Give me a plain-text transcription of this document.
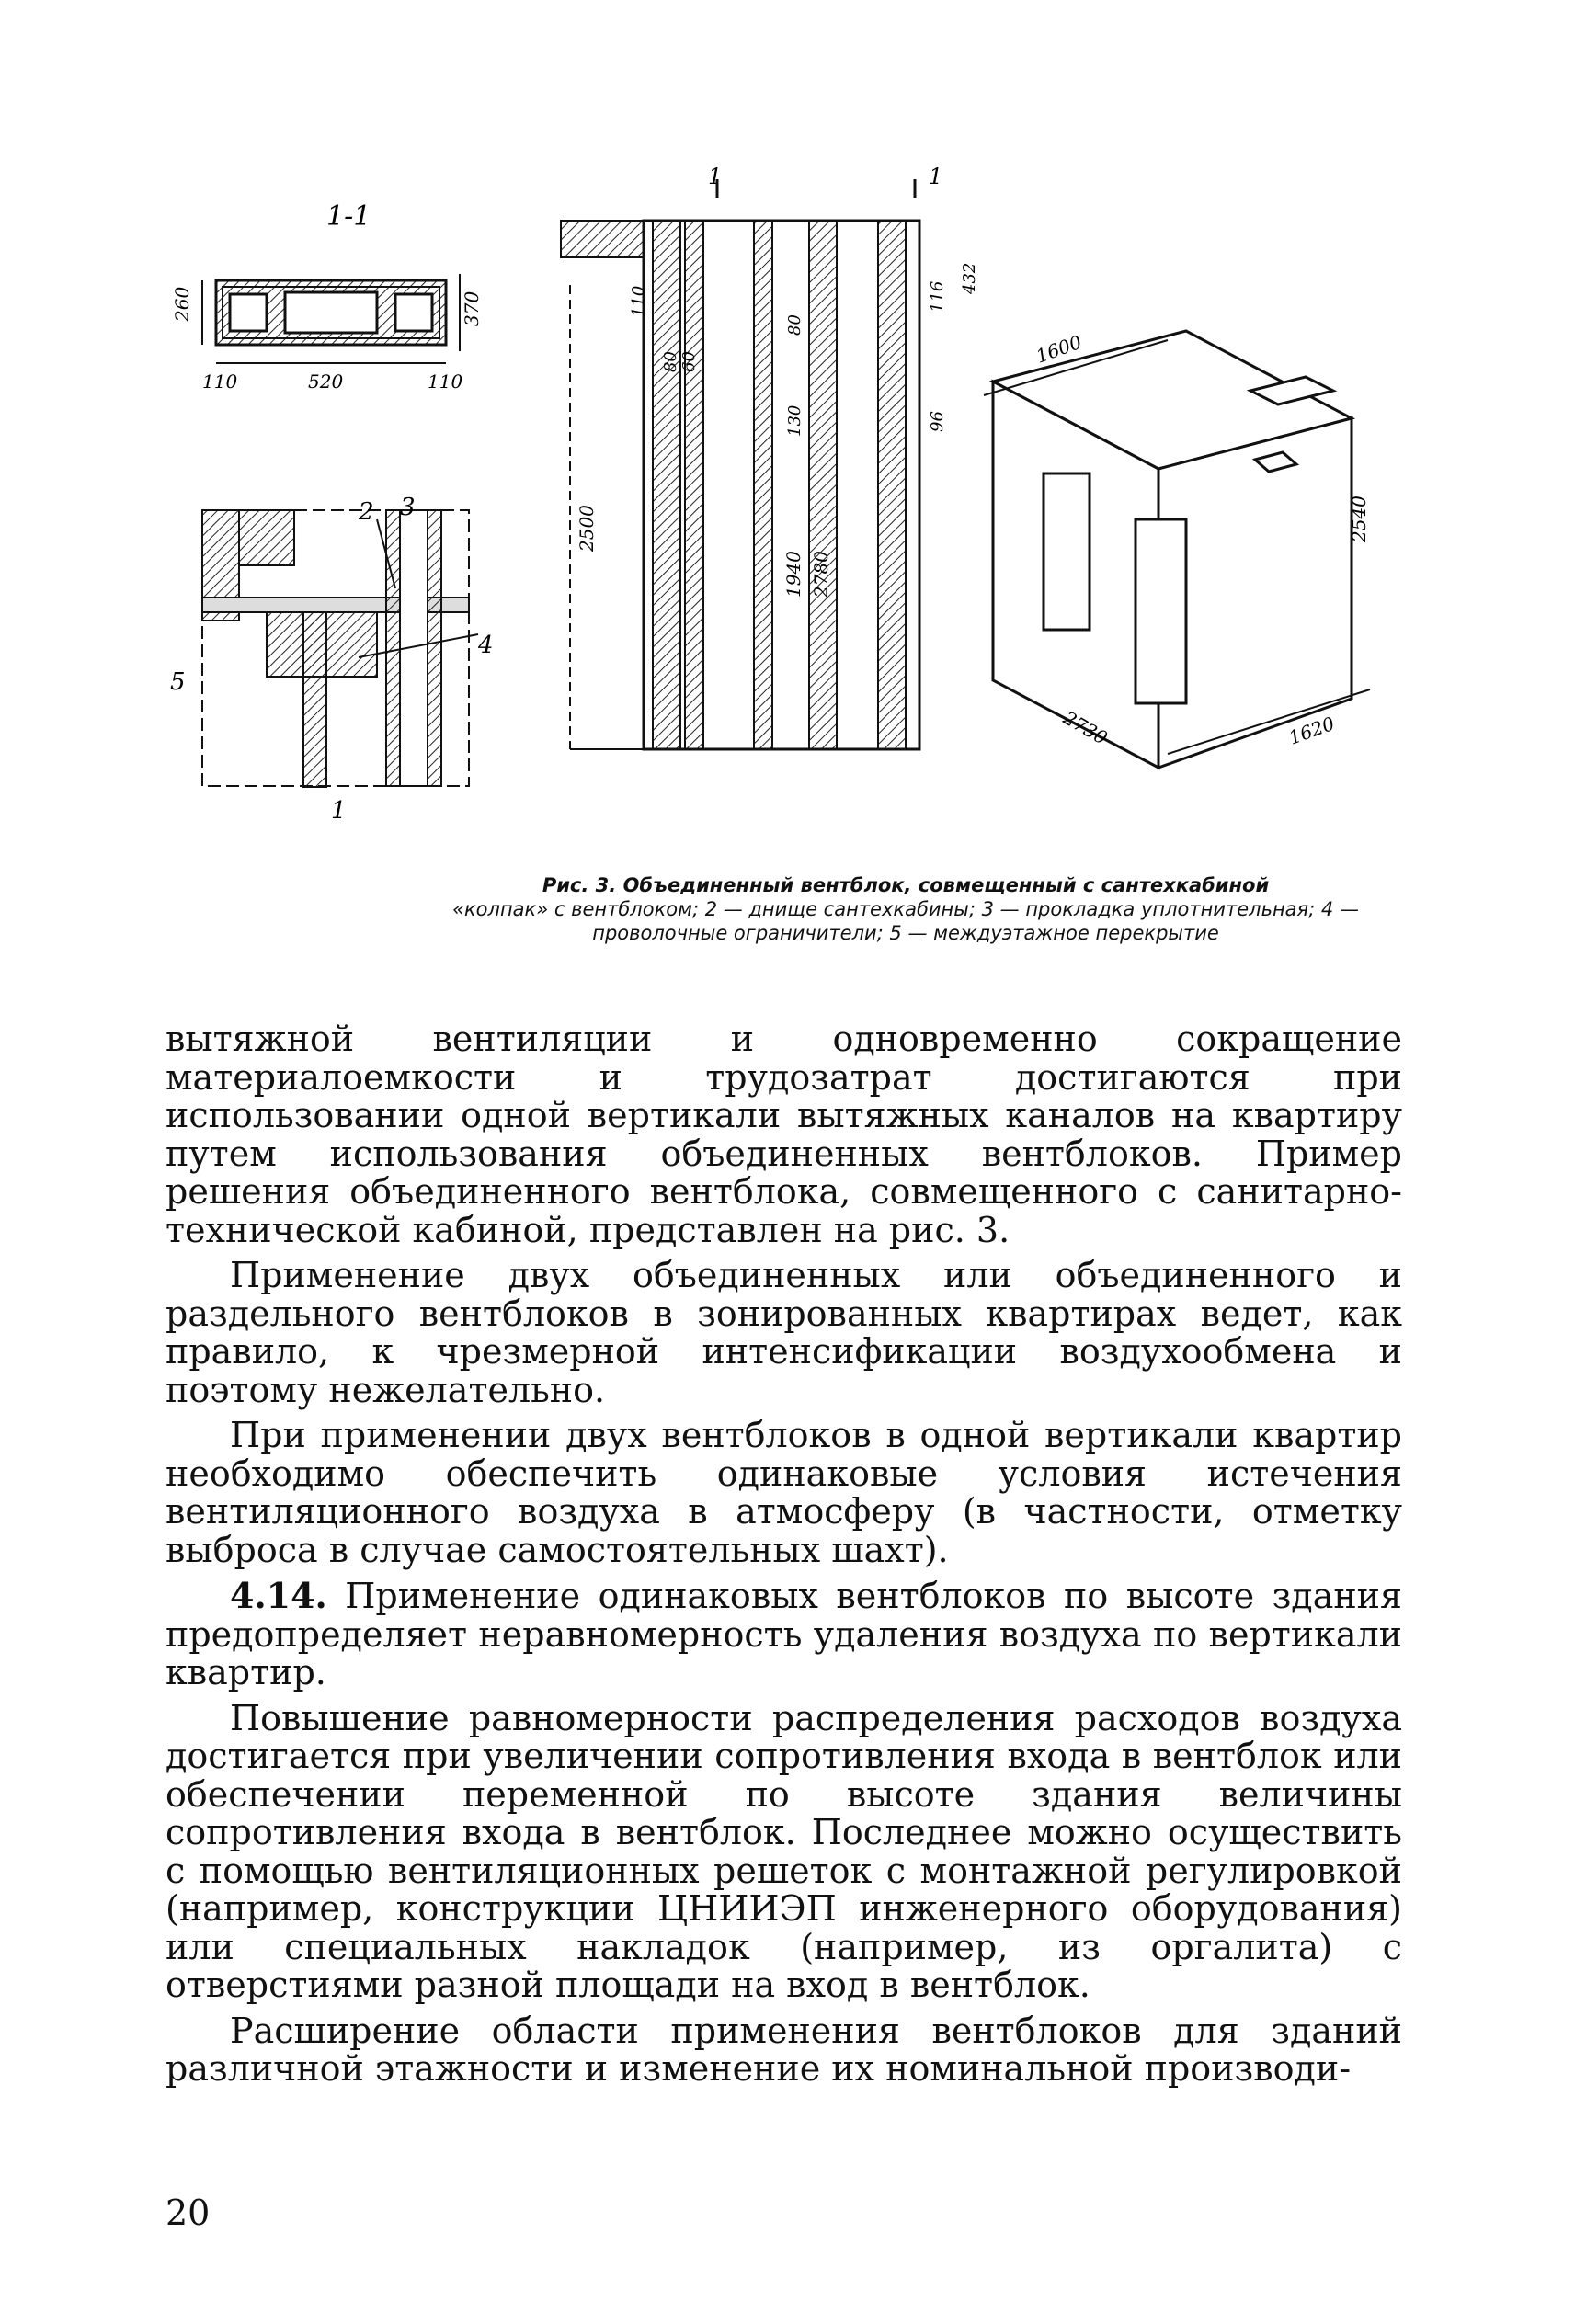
1-1
260	370
110	520	110
1
2 3
4
5
1	1
110
80 60
80
116
432
96
130
2500
1940 2780
1600
2540
2730	1620
Рис. 3. Объединенный вентблок, совмещенный с сантехкабиной
«колпак» с вентблоком; 2 — днище сантехкабины; 3 — прокладка уплотнительная; 4 — проволочные ограничители; 5 — междуэтажное перекрытие

вытяжной вентиляции и одновременно сокращение материалоемкости и трудозатрат достигаются при использовании одной вертикали вытяжных каналов на квартиру путем использования объединенных вентблоков. Пример решения объединенного вентблока, совмещенного с санитарно-технической кабиной, представлен на рис. 3.

Применение двух объединенных или объединенного и раздельного вентблоков в зонированных квартирах ведет, как правило, к чрезмерной интенсификации воздухообмена и поэтому нежелательно.

При применении двух вентблоков в одной вертикали квартир необходимо обеспечить одинаковые условия истечения вентиляционного воздуха в атмосферу (в частности, отметку выброса в случае самостоятельных шахт).

4.14. Применение одинаковых вентблоков по высоте здания предопределяет неравномерность удаления воздуха по вертикали квартир.

Повышение равномерности распределения расходов воздуха достигается при увеличении сопротивления входа в вентблок или обеспечении переменной по высоте здания величины сопротивления входа в вентблок. Последнее можно осуществить с помощью вентиляционных решеток с монтажной регулировкой (например, конструкции ЦНИИЭП инженерного оборудования) или специальных накладок (например, из оргалита) с отверстиями разной площади на вход в вентблок.

Расширение области применения вентблоков для зданий различной этажности и изменение их номинальной производи-

20
